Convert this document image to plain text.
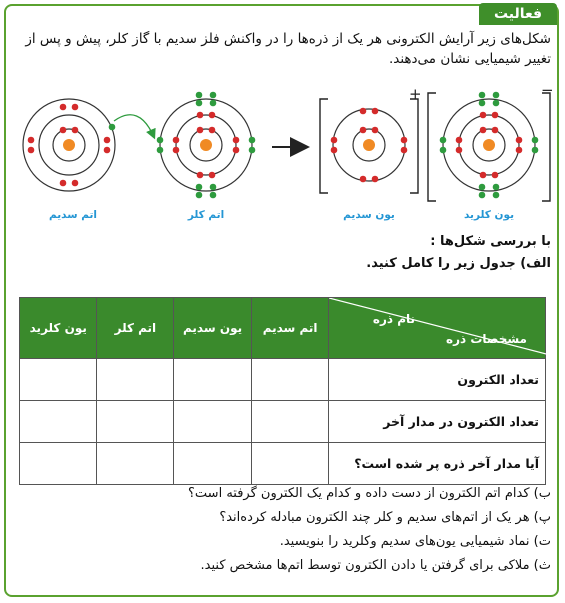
فعالیت
شکل‌های زیر آرایش الکترونی هر یک از ذره‌ها را در واکنش فلز سدیم با گاز کلر، پیش و پس از تغییر شیمیایی نشان می‌دهند.
+	−
اتم سدیم	اتم کلر	یون سدیم	یون کلرید
با بررسی شکل‌ها :
الف) جدول زیر را کامل کنید.
نام ذره
مشخصات ذره	اتم سدیم	یون سدیم	اتم کلر	یون کلرید
تعداد الکترون				
تعداد الکترون در مدار آخر				
آیا مدار آخر ذره پر شده است؟				
ب) کدام اتم الکترون از دست داده و کدام یک الکترون گرفته است؟
پ) هر یک از اتم‌های سدیم و کلر چند الکترون مبادله کرده‌اند؟
ت) نماد شیمیایی یون‌های سدیم وکلرید را بنویسید.
ث) ملاکی برای گرفتن یا دادن الکترون توسط اتم‌ها مشخص کنید.
